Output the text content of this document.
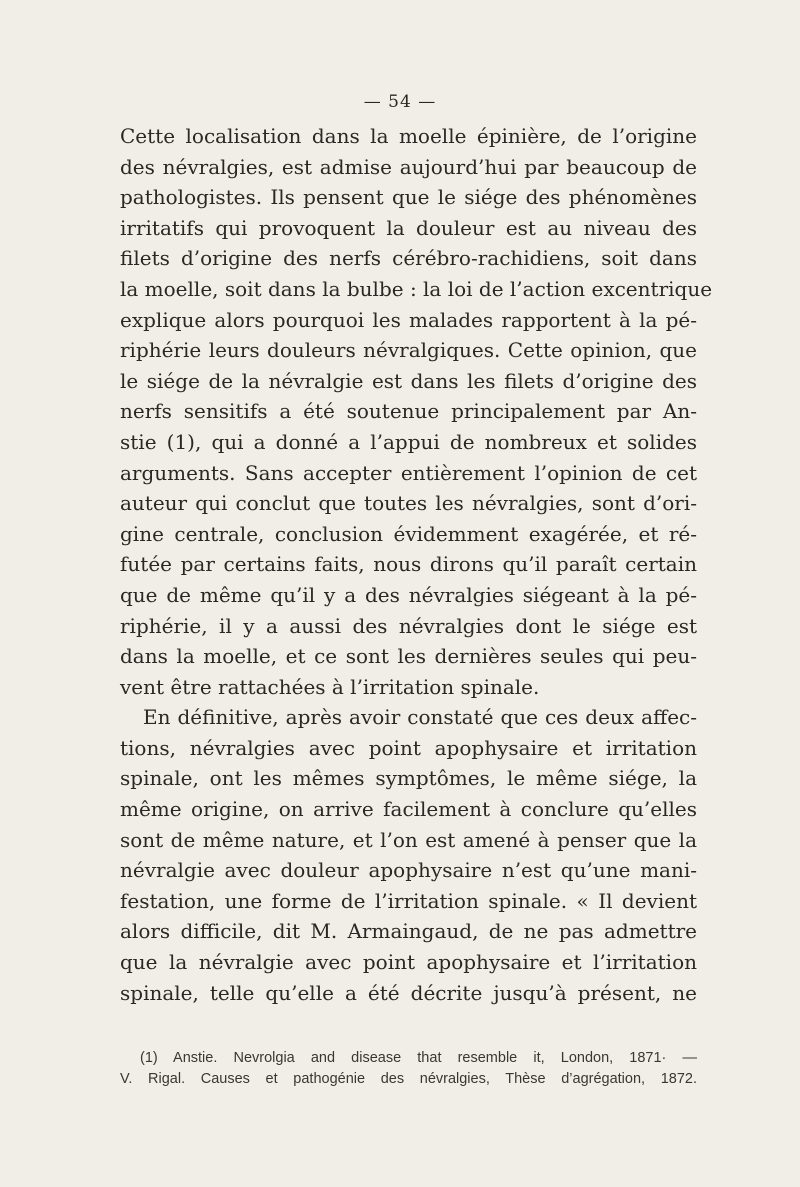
— 54 —
Cette localisation dans la moelle épinière, de l’origine
des névralgies, est admise aujourd’hui par beaucoup de
pathologistes. Ils pensent que le siége des phénomènes
irritatifs qui provoquent la douleur est au niveau des
filets d’origine des nerfs cérébro-rachidiens, soit dans
la moelle, soit dans la bulbe : la loi de l’action excentrique
explique alors pourquoi les malades rapportent à la pé-
riphérie leurs douleurs névralgiques. Cette opinion, que
le siége de la névralgie est dans les filets d’origine des
nerfs sensitifs a été soutenue principalement par An-
stie (1), qui a donné a l’appui de nombreux et solides
arguments. Sans accepter entièrement l’opinion de cet
auteur qui conclut que toutes les névralgies, sont d’ori-
gine centrale, conclusion évidemment exagérée, et ré-
futée par certains faits, nous dirons qu’il paraît certain
que de même qu’il y a des névralgies siégeant à la pé-
riphérie, il y a aussi des névralgies dont le siége est
dans la moelle, et ce sont les dernières seules qui peu-
vent être rattachées à l’irritation spinale.
En définitive, après avoir constaté que ces deux affec-
tions, névralgies avec point apophysaire et irritation
spinale, ont les mêmes symptômes, le même siége, la
même origine, on arrive facilement à conclure qu’elles
sont de même nature, et l’on est amené à penser que la
névralgie avec douleur apophysaire n’est qu’une mani-
festation, une forme de l’irritation spinale. « Il devient
alors difficile, dit M. Armaingaud, de ne pas admettre
que la névralgie avec point apophysaire et l’irritation
spinale, telle qu’elle a été décrite jusqu’à présent, ne
(1) Anstie. Nevrolgia and disease that resemble it, London, 1871· —
V. Rigal. Causes et pathogénie des névralgies, Thèse d’agrégation, 1872.
